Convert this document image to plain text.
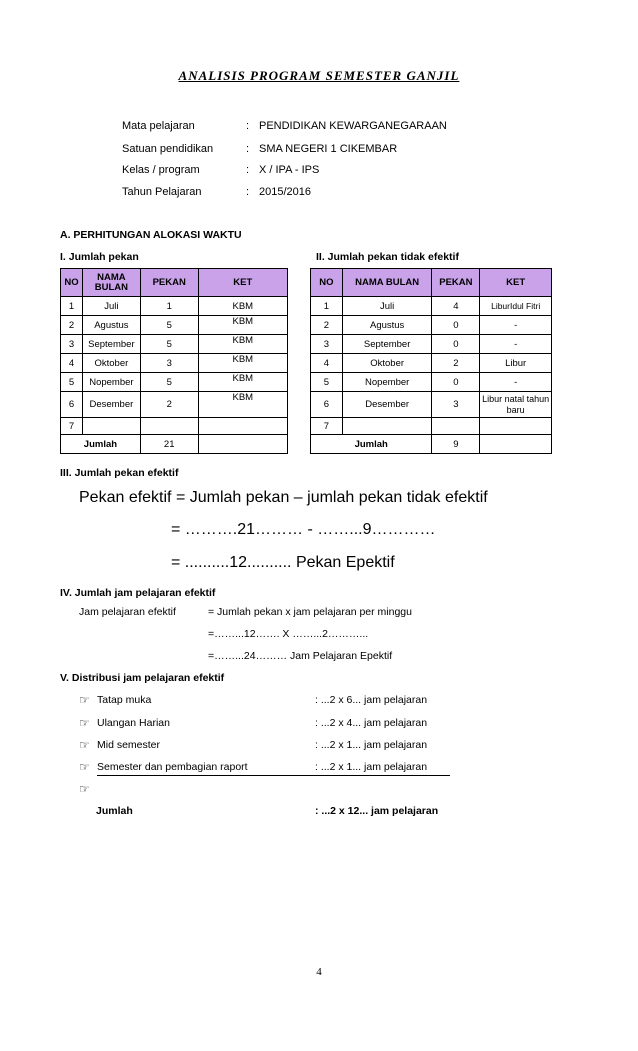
ANALISIS PROGRAM SEMESTER GANJIL
Mata pelajaran	: PENDIDIKAN KEWARGANEGARAAN
Satuan pendidikan	: SMA NEGERI 1 CIKEMBAR
Kelas / program	: X / IPA - IPS
Tahun Pelajaran	: 2015/2016
A. PERHITUNGAN ALOKASI WAKTU
I. Jumlah pekan	II. Jumlah pekan tidak efektif
NO	NAMA BULAN	PEKAN	KET
1	Juli	1	KBM
2	Agustus	5	KBM
3	September	5	KBM
4	Oktober	3	KBM
5	Nopember	5	KBM
6	Desember	2	KBM
7			
Jumlah		21	
NO	NAMA BULAN	PEKAN	KET
1	Juli	4	LiburIdul Fitri
2	Agustus	0	-
3	September	0	-
4	Oktober	2	Libur
5	Nopember	0	-
6	Desember	3	Libur natal tahun baru
7			
Jumlah		9	
III. Jumlah pekan efektif
Pekan efektif = Jumlah pekan – jumlah pekan tidak efektif
= ……….21……… - ……...9…………
= ..........12.......... Pekan Epektif
IV. Jumlah jam pelajaran efektif
Jam pelajaran efektif	= Jumlah pekan x jam pelajaran per minggu
=……...12……. X ……...2………...
=……...24……… Jam Pelajaran Epektif
V. Distribusi jam pelajaran efektif
☞ Tatap muka	: ...2 x 6... jam pelajaran
☞ Ulangan Harian	: ...2 x 4... jam pelajaran
☞ Mid semester	: ...2 x 1... jam pelajaran
☞ Semester dan pembagian raport	: ...2 x 1... jam pelajaran
☞
Jumlah	: ...2 x 12... jam pelajaran
4
